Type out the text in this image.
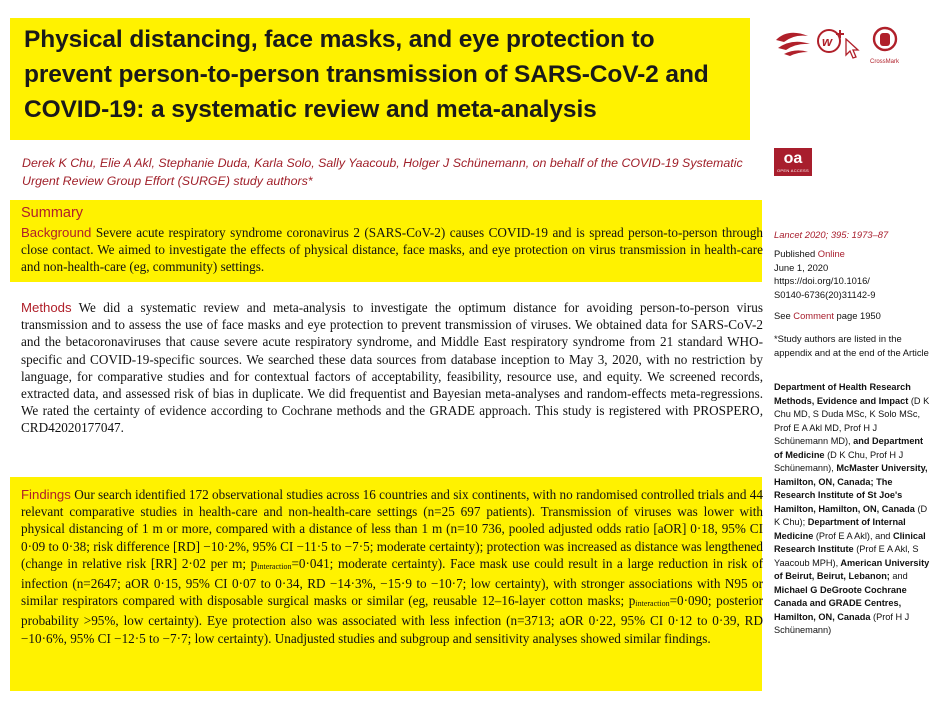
Physical distancing, face masks, and eye protection to prevent person-to-person transmission of SARS-CoV-2 and COVID-19: a systematic review and meta-analysis

Derek K Chu, Elie A Akl, Stephanie Duda, Karla Solo, Sally Yaacoub, Holger J Schünemann, on behalf of the COVID-19 Systematic Urgent Review Group Effort (SURGE) study authors*

Summary

Background Severe acute respiratory syndrome coronavirus 2 (SARS-CoV-2) causes COVID-19 and is spread person-to-person through close contact. We aimed to investigate the effects of physical distance, face masks, and eye protection on virus transmission in health-care and non-health-care (eg, community) settings.

Methods We did a systematic review and meta-analysis to investigate the optimum distance for avoiding person-to-person virus transmission and to assess the use of face masks and eye protection to prevent transmission of viruses. We obtained data for SARS-CoV-2 and the betacoronaviruses that cause severe acute respiratory syndrome, and Middle East respiratory syndrome from 21 standard WHO-specific and COVID-19-specific sources. We searched these data sources from database inception to May 3, 2020, with no restriction by language, for comparative studies and for contextual factors of acceptability, feasibility, resource use, and equity. We screened records, extracted data, and assessed risk of bias in duplicate. We did frequentist and Bayesian meta-analyses and random-effects meta-regressions. We rated the certainty of evidence according to Cochrane methods and the GRADE approach. This study is registered with PROSPERO, CRD42020177047.

Findings Our search identified 172 observational studies across 16 countries and six continents, with no randomised controlled trials and 44 relevant comparative studies in health-care and non-health-care settings (n=25 697 patients). Transmission of viruses was lower with physical distancing of 1 m or more, compared with a distance of less than 1 m (n=10 736, pooled adjusted odds ratio [aOR] 0·18, 95% CI 0·09 to 0·38; risk difference [RD] −10·2%, 95% CI −11·5 to −7·5; moderate certainty); protection was increased as distance was lengthened (change in relative risk [RR] 2·02 per m; $p_{interaction}=0\cdot 041$; moderate certainty). Face mask use could result in a large reduction in risk of infection (n=2647; aOR 0·15, 95% CI 0·07 to 0·34, RD −14·3%, −15·9 to −10·7; low certainty), with stronger associations with N95 or similar respirators compared with disposable surgical masks or similar (eg, reusable 12–16-layer cotton masks; $p_{interaction}=0\cdot 090$; posterior probability >95%, low certainty). Eye protection also was associated with less infection (n=3713; aOR 0·22, 95% CI 0·12 to 0·39, RD −10·6%, 95% CI −12·5 to −7·7; low certainty). Unadjusted studies and subgroup and sensitivity analyses showed similar findings.

w
CrossMark
oa
OPEN ACCESS

Lancet 2020; 395: 1973–87

Published Online
June 1, 2020
https://doi.org/10.1016/
S0140-6736(20)31142-9

See Comment page 1950

*Study authors are listed in the appendix and at the end of the Article

Department of Health Research Methods, Evidence and Impact (D K Chu MD, S Duda MSc, K Solo MSc, Prof E A Akl MD, Prof H J Schünemann MD), and Department of Medicine (D K Chu, Prof H J Schünemann), McMaster University, Hamilton, ON, Canada; The Research Institute of St Joe's Hamilton, Hamilton, ON, Canada (D K Chu); Department of Internal Medicine (Prof E A Akl), and Clinical Research Institute (Prof E A Akl, S Yaacoub MPH), American University of Beirut, Beirut, Lebanon; and Michael G DeGroote Cochrane Canada and GRADE Centres, Hamilton, ON, Canada (Prof H J Schünemann)
